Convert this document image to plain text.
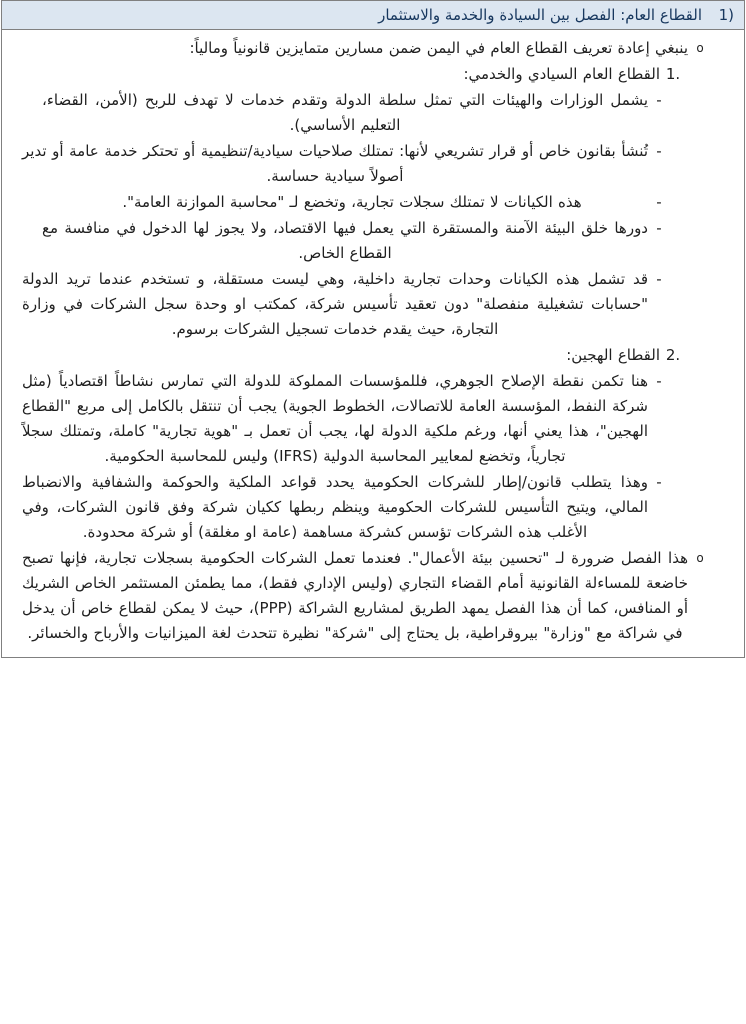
1)
القطاع العام: الفصل بين السيادة والخدمة والاستثمار
o
ينبغي إعادة تعريف القطاع العام في اليمن ضمن مسارين متمايزين قانونياً ومالياً:
1.
القطاع العام السيادي والخدمي:
-
يشمل الوزارات والهيئات التي تمثل سلطة الدولة وتقدم خدمات لا تهدف للربح (الأمن، القضاء، التعليم الأساسي).
-
تُنشأ بقانون خاص أو قرار تشريعي لأنها: تمتلك صلاحيات سيادية/تنظيمية أو تحتكر خدمة عامة أو تدير أصولاً سيادية حساسة.
-
هذه الكيانات لا تمتلك سجلات تجارية، وتخضع لـ "محاسبة الموازنة العامة".
-
دورها خلق البيئة الآمنة والمستقرة التي يعمل فيها الاقتصاد، ولا يجوز لها الدخول في منافسة مع القطاع الخاص.
-
قد تشمل هذه الكيانات وحدات تجارية داخلية، وهي ليست مستقلة، و تستخدم عندما تريد الدولة "حسابات تشغيلية منفصلة" دون تعقيد تأسيس شركة، كمكتب او وحدة سجل الشركات في وزارة التجارة، حيث يقدم خدمات تسجيل الشركات برسوم.
2.
القطاع الهجين:
-
هنا تكمن نقطة الإصلاح الجوهري، فللمؤسسات المملوكة للدولة التي تمارس نشاطاً اقتصادياً (مثل شركة النفط، المؤسسة العامة للاتصالات، الخطوط الجوية) يجب أن تنتقل بالكامل إلى مربع "القطاع الهجين"، هذا يعني أنها، ورغم ملكية الدولة لها، يجب أن تعمل بـ "هوية تجارية" كاملة، وتمتلك سجلاً تجارياً، وتخضع لمعايير المحاسبة الدولية (IFRS) وليس للمحاسبة الحكومية.
-
وهذا يتطلب قانون/إطار للشركات الحكومية يحدد قواعد الملكية والحوكمة والشفافية والانضباط المالي، ويتيح التأسيس للشركات الحكومية وينظم ربطها ككيان شركة وفق قانون الشركات، وفي الأغلب هذه الشركات تؤسس كشركة مساهمة (عامة او مغلقة) أو شركة محدودة.
o
هذا الفصل ضرورة لـ "تحسين بيئة الأعمال". فعندما تعمل الشركات الحكومية بسجلات تجارية، فإنها تصبح خاضعة للمساءلة القانونية أمام القضاء التجاري (وليس الإداري فقط)، مما يطمئن المستثمر الخاص الشريك أو المنافس، كما أن هذا الفصل يمهد الطريق لمشاريع الشراكة (PPP)، حيث لا يمكن لقطاع خاص أن يدخل في شراكة مع "وزارة" بيروقراطية، بل يحتاج إلى "شركة" نظيرة تتحدث لغة الميزانيات والأرباح والخسائر.
